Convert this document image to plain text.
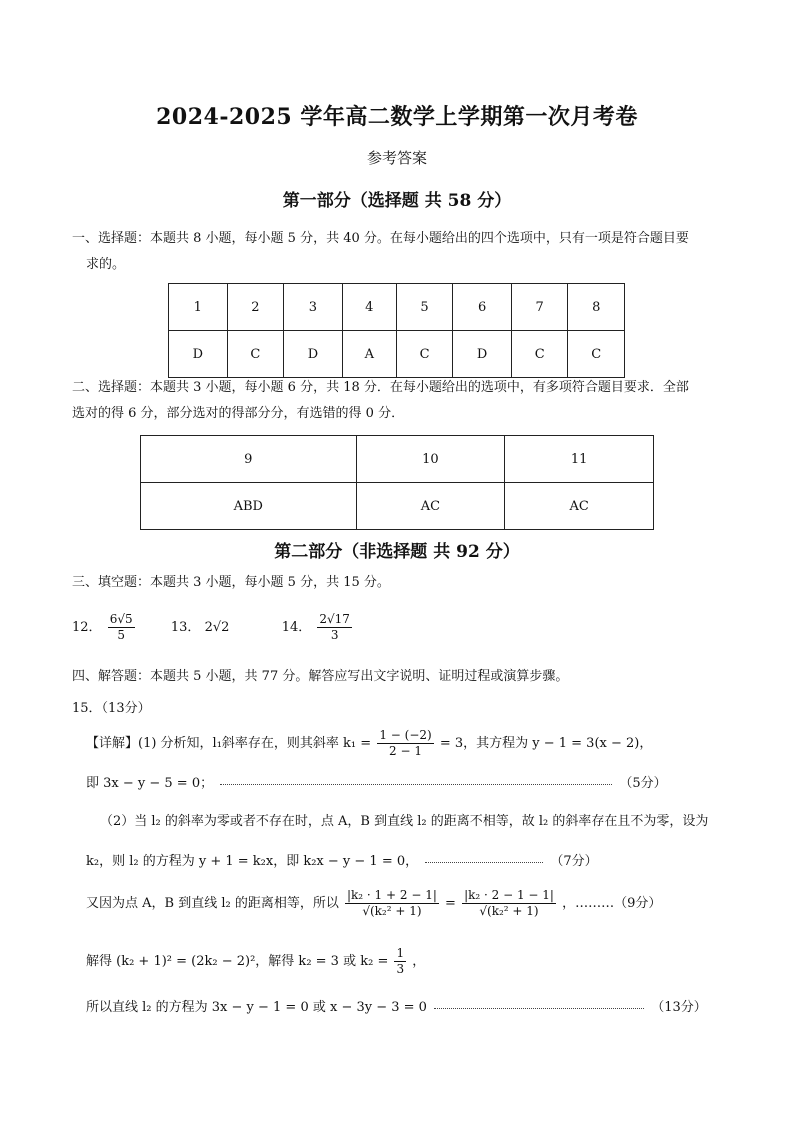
2024-2025 学年高二数学上学期第一次月考卷
参考答案
第一部分（选择题 共 58 分）
一、选择题：本题共 8 小题，每小题 5 分，共 40 分。在每小题给出的四个选项中，只有一项是符合题目要
求的。
1	2	3	4	5	6	7	8
D	C	D	A	C	D	C	C
二、选择题：本题共 3 小题，每小题 6 分，共 18 分．在每小题给出的选项中，有多项符合题目要求．全部
选对的得 6 分，部分选对的得部分分，有选错的得 0 分．
9	10	11
ABD	AC	AC
第二部分（非选择题 共 92 分）
三、填空题：本题共 3 小题，每小题 5 分，共 15 分。
12． $\frac{6√5}{5}$	13． 2√2	14． $\frac{2√17}{3}$
四、解答题：本题共 5 小题，共 77 分。解答应写出文字说明、证明过程或演算步骤。
15．（13分）
【详解】(1) 分析知，l₁斜率存在，则其斜率 $k_1 = \frac{1 - (-2)}{2 - 1} = 3$，其方程为 y − 1 = 3(x − 2)，
即 3x − y − 5 = 0；	（5分）
（2）当 l₂ 的斜率为零或者不存在时，点 A，B 到直线 l₂ 的距离不相等，故 l₂ 的斜率存在且不为零，设为
k₂，则 l₂ 的方程为 y + 1 = k₂x，即 k₂x − y − 1 = 0，	（7分）
又因为点 A，B 到直线 l₂ 的距离相等，所以 $\frac{\text{|k₂ · 1 + 2 − 1|}}{\text{√(k₂² + 1)}} = \frac{\text{|k₂ · 2 − 1 − 1|}}{\text{√(k₂² + 1)}}$ ，………（9分）
解得 (k₂ + 1)² = (2k₂ − 2)²，解得 k₂ = 3 或 $k_2 = \frac{1}{3}$ ，
所以直线 l₂ 的方程为 3x − y − 1 = 0 或 x − 3y − 3 = 0	（13分）
